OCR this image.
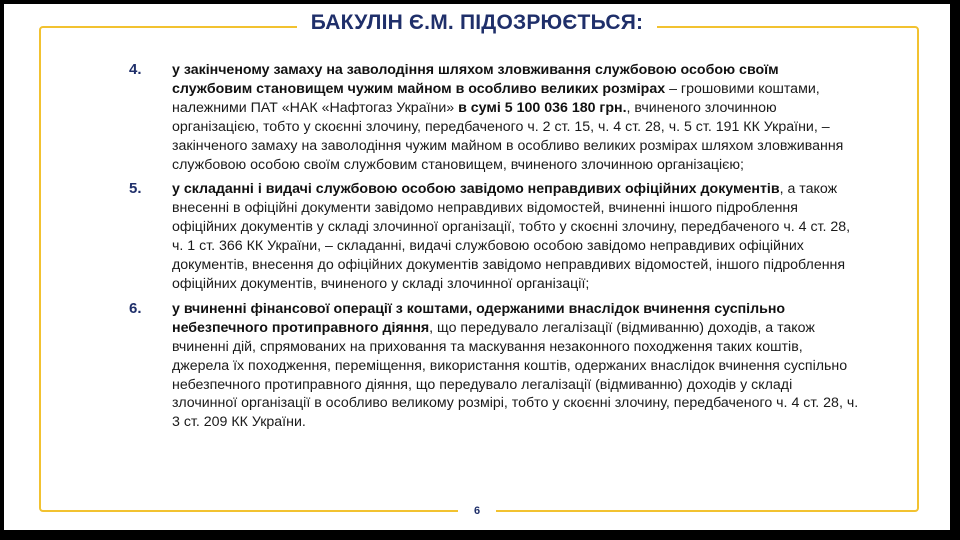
БАКУЛІН Є.М. ПІДОЗРЮЄТЬСЯ:
4.	у закінченому замаху на заволодіння шляхом зловживання службовою особою своїм службовим становищем чужим майном в особливо великих розмірах – грошовими коштами, належними ПАТ «НАК «Нафтогаз України» в сумі 5 100 036 180 грн., вчиненого злочинною організацією, тобто у скоєнні злочину, передбаченого ч. 2 ст. 15, ч. 4 ст. 28, ч. 5 ст. 191 КК України, – закінченого замаху на заволодіння чужим майном в особливо великих розмірах шляхом зловживання службовою особою своїм службовим становищем, вчиненого злочинною організацією;
5.	у складанні і видачі службовою особою завідомо неправдивих офіційних документів, а також внесенні в офіційні документи завідомо неправдивих відомостей, вчиненні іншого підроблення офіційних документів у складі злочинної організації, тобто у скоєнні злочину, передбаченого ч. 4 ст. 28, ч. 1 ст. 366 КК України, – складанні, видачі службовою особою завідомо неправдивих офіційних документів, внесення до офіційних документів завідомо неправдивих відомостей, іншого підроблення офіційних документів, вчиненого у складі злочинної організації;
6.	у вчиненні фінансової операції з коштами, одержаними внаслідок вчинення суспільно небезпечного протиправного діяння, що передувало легалізації (відмиванню) доходів, а також вчиненні дій, спрямованих на приховання та маскування незаконного походження таких коштів, джерела їх походження, переміщення, використання коштів, одержаних внаслідок вчинення суспільно небезпечного протиправного діяння, що передувало легалізації (відмиванню) доходів у складі злочинної організації в особливо великому розмірі, тобто у скоєнні злочину, передбаченого ч. 4 ст. 28, ч. 3 ст. 209 КК України.
6
